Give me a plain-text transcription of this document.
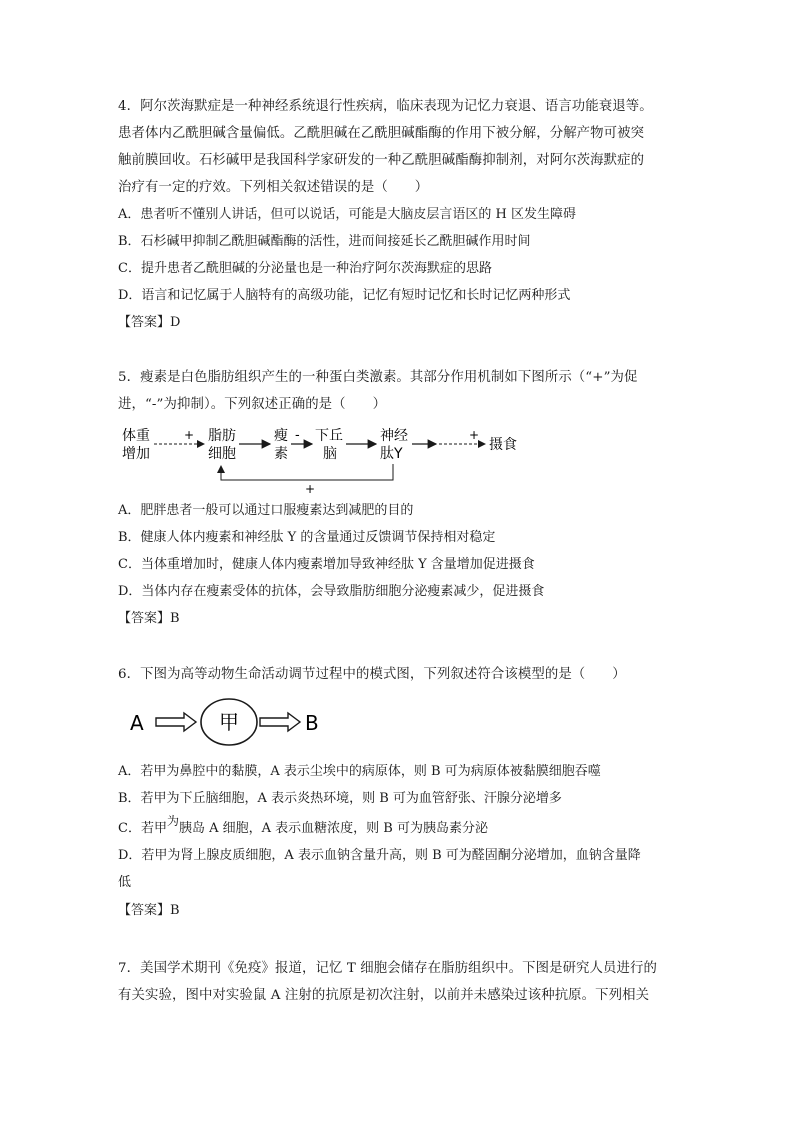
4．阿尔茨海默症是一种神经系统退行性疾病，临床表现为记忆力衰退、语言功能衰退等。
患者体内乙酰胆碱含量偏低。乙酰胆碱在乙酰胆碱酯酶的作用下被分解，分解产物可被突
触前膜回收。石杉碱甲是我国科学家研发的一种乙酰胆碱酯酶抑制剂，对阿尔茨海默症的
治疗有一定的疗效。下列相关叙述错误的是（　　）
A．患者听不懂别人讲话，但可以说话，可能是大脑皮层言语区的 H 区发生障碍
B．石杉碱甲抑制乙酰胆碱酯酶的活性，进而间接延长乙酰胆碱作用时间
C．提升患者乙酰胆碱的分泌量也是一种治疗阿尔茨海默症的思路
D．语言和记忆属于人脑特有的高级功能，记忆有短时记忆和长时记忆两种形式
【答案】D
5．瘦素是白色脂肪组织产生的一种蛋白类激素。其部分作用机制如下图所示（“+”为促
进，“-”为抑制）。下列叙述正确的是（　　）
体重
增加
+ 脂肪
细胞
瘦
素
- 下丘
脑
神经
肽Y
+
摄食
+
A．肥胖患者一般可以通过口服瘦素达到减肥的目的
B．健康人体内瘦素和神经肽 Y 的含量通过反馈调节保持相对稳定
C．当体重增加时，健康人体内瘦素增加导致神经肽 Y 含量增加促进摄食
D．当体内存在瘦素受体的抗体，会导致脂肪细胞分泌瘦素减少，促进摄食
【答案】B
6．下图为高等动物生命活动调节过程中的模式图，下列叙述符合该模型的是（　　）
A	甲	B
A．若甲为鼻腔中的黏膜，A 表示尘埃中的病原体，则 B 可为病原体被黏膜细胞吞噬
B．若甲为下丘脑细胞，A 表示炎热环境，则 B 可为血管舒张、汗腺分泌增多
C．若甲为胰岛 A 细胞，A 表示血糖浓度，则 B 可为胰岛素分泌
D．若甲为肾上腺皮质细胞，A 表示血钠含量升高，则 B 可为醛固酮分泌增加，血钠含量降
低
【答案】B
7．美国学术期刊《免疫》报道，记忆 T 细胞会储存在脂肪组织中。下图是研究人员进行的
有关实验，图中对实验鼠 A 注射的抗原是初次注射，以前并未感染过该种抗原。下列相关
